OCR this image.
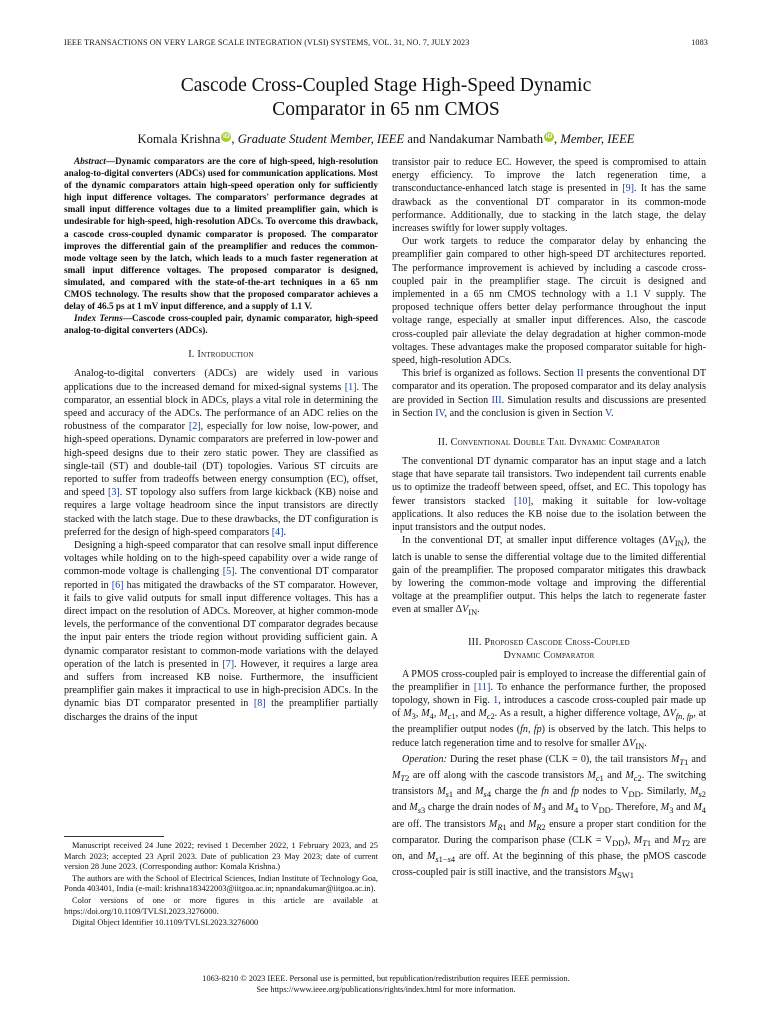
IEEE TRANSACTIONS ON VERY LARGE SCALE INTEGRATION (VLSI) SYSTEMS, VOL. 31, NO. 7, JULY 2023	1083
Cascode Cross-Coupled Stage High-Speed Dynamic
Comparator in 65 nm CMOS
Komala Krishna iD , Graduate Student Member, IEEE and Nandakumar Nambath iD , Member, IEEE

Abstract—Dynamic comparators are the core of high-speed, high-resolution analog-to-digital converters (ADCs) used for communication applications. Most of the dynamic comparators attain high-speed operation only for sufficiently high input difference voltages. The comparators' performance degrades at small input difference voltages due to a limited preamplifier gain, which is undesirable for high-speed, high-resolution ADCs. To overcome this drawback, a cascode cross-coupled dynamic comparator is proposed. The comparator improves the differential gain of the preamplifier and reduces the common-mode voltage seen by the latch, which leads to a much faster regeneration at small input difference voltages. The proposed comparator is designed, simulated, and compared with the state-of-the-art techniques in a 65 nm CMOS technology. The results show that the proposed comparator achieves a delay of 46.5 ps at 1 mV input difference, and a supply of 1.1 V.

Index Terms—Cascode cross-coupled pair, dynamic comparator, high-speed analog-to-digital converters (ADCs).

I. Introduction

Analog-to-digital converters (ADCs) are widely used in various applications due to the increased demand for mixed-signal systems [1]. The comparator, an essential block in ADCs, plays a vital role in determining the speed and accuracy of the ADCs. The performance of an ADC relies on the robustness of the comparator [2], especially for low noise, low-power, and high-speed operations. Dynamic comparators are preferred in low-power and high-speed designs due to their zero static power. They are classified as single-tail (ST) and double-tail (DT) topologies. Various ST circuits are reported to suffer from tradeoffs between energy consumption (EC), offset, and speed [3]. ST topology also suffers from large kickback (KB) noise and requires a large voltage headroom since the input transistors are directly stacked with the latch stage. Due to these drawbacks, the DT configuration is preferred for the design of high-speed comparators [4].

Designing a high-speed comparator that can resolve small input difference voltages while holding on to the high-speed capability over a wide range of common-mode voltage is challenging [5]. The conventional DT comparator reported in [6] has mitigated the drawbacks of the ST comparator. However, it fails to give valid outputs for small input difference voltages. This has a direct impact on the resolution of ADCs. Moreover, at higher common-mode levels, the performance of the conventional DT comparator degrades because the input pair enters the triode region without providing sufficient gain. A dynamic comparator resistant to common-mode variations with the delayed operation of the latch is presented in [7]. However, it requires a large area and suffers from increased KB noise. Furthermore, the insufficient preamplifier gain makes it impractical to use in high-precision ADCs. In the dynamic bias DT comparator presented in [8] the preamplifier partially discharges the drains of the input

Manuscript received 24 June 2022; revised 1 December 2022, 1 February 2023, and 25 March 2023; accepted 23 April 2023. Date of publication 23 May 2023; date of current version 28 June 2023. (Corresponding author: Komala Krishna.)

The authors are with the School of Electrical Sciences, Indian Institute of Technology Goa, Ponda 403401, India (e-mail: krishna183422003@iitgoa.ac.in; npnandakumar@iitgoa.ac.in).

Color versions of one or more figures in this article are available at https://doi.org/10.1109/TVLSI.2023.3276000.

Digital Object Identifier 10.1109/TVLSI.2023.3276000

transistor pair to reduce EC. However, the speed is compromised to attain energy efficiency. To improve the latch regeneration time, a transconductance-enhanced latch stage is presented in [9]. It has the same drawback as the conventional DT comparator in its common-mode performance. Additionally, due to stacking in the latch stage, the delay increases swiftly for lower supply voltages.

Our work targets to reduce the comparator delay by enhancing the preamplifier gain compared to other high-speed DT architectures reported. The performance improvement is achieved by including a cascode cross-coupled pair in the preamplifier stage. The circuit is designed and implemented in a 65 nm CMOS technology with a 1.1 V supply. The proposed technique offers better delay performance throughout the input voltage range, especially at smaller input differences. Also, the cascode cross-coupled pair alleviate the delay degradation at higher common-mode voltages. These advantages make the proposed comparator suitable for high-speed, high-resolution ADCs.

This brief is organized as follows. Section II presents the conventional DT comparator and its operation. The proposed comparator and its delay analysis are provided in Section III. Simulation results and discussions are presented in Section IV, and the conclusion is given in Section V.

II. Conventional Double Tail Dynamic Comparator

The conventional DT dynamic comparator has an input stage and a latch stage that have separate tail transistors. Two independent tail currents enable us to optimize the tradeoff between speed, offset, and EC. This topology has fewer transistors stacked [10], making it suitable for low-voltage applications. It also reduces the KB noise due to the isolation between the input transistors and the output nodes.

In the conventional DT, at smaller input difference voltages $(\Delta V_{IN})$, the latch is unable to sense the differential voltage due to the limited differential gain of the preamplifier. The proposed comparator mitigates this drawback by lowering the common-mode voltage and improving the differential voltage at the preamplifier output. This helps the latch to regenerate faster even at smaller $\Delta V_{IN}$.

III. Proposed Cascode Cross-Coupled
Dynamic Comparator

A PMOS cross-coupled pair is employed to increase the differential gain of the preamplifier in [11]. To enhance the performance further, the proposed topology, shown in Fig. 1, introduces a cascode cross-coupled pair made up of $M_3$, $M_4$, $M_{c1}$, and $M_{c2}$. As a result, a higher difference voltage, $\Delta V_{fn, fp}$, at the preamplifier output nodes (fn, fp) is observed by the latch. This helps to reduce latch regeneration time and to resolve for smaller $\Delta V_{IN}$.

Operation: During the reset phase (CLK = 0), the tail transistors $M_{T1}$ and $M_{T2}$ are off along with the cascode transistors $M_{c1}$ and $M_{c2}$. The switching transistors $M_{s1}$ and $M_{s4}$ charge the fn and fp nodes to $V_{DD}$. Similarly, $M_{s2}$ and $M_{s3}$ charge the drain nodes of $M_3$ and $M_4$ to $V_{DD}$. Therefore, $M_3$ and $M_4$ are off. The transistors $M_{R1}$ and $M_{R2}$ ensure a proper start condition for the comparator. During the comparison phase $(CLK = V_{DD})$, $M_{T1}$ and $M_{T2}$ are on, and $M_{s1-s4}$ are off. At the beginning of this phase, the pMOS cascode cross-coupled pair is still inactive, and the transistors $M_{SW1}$

1063-8210 © 2023 IEEE. Personal use is permitted, but republication/redistribution requires IEEE permission.
See https://www.ieee.org/publications/rights/index.html for more information.
